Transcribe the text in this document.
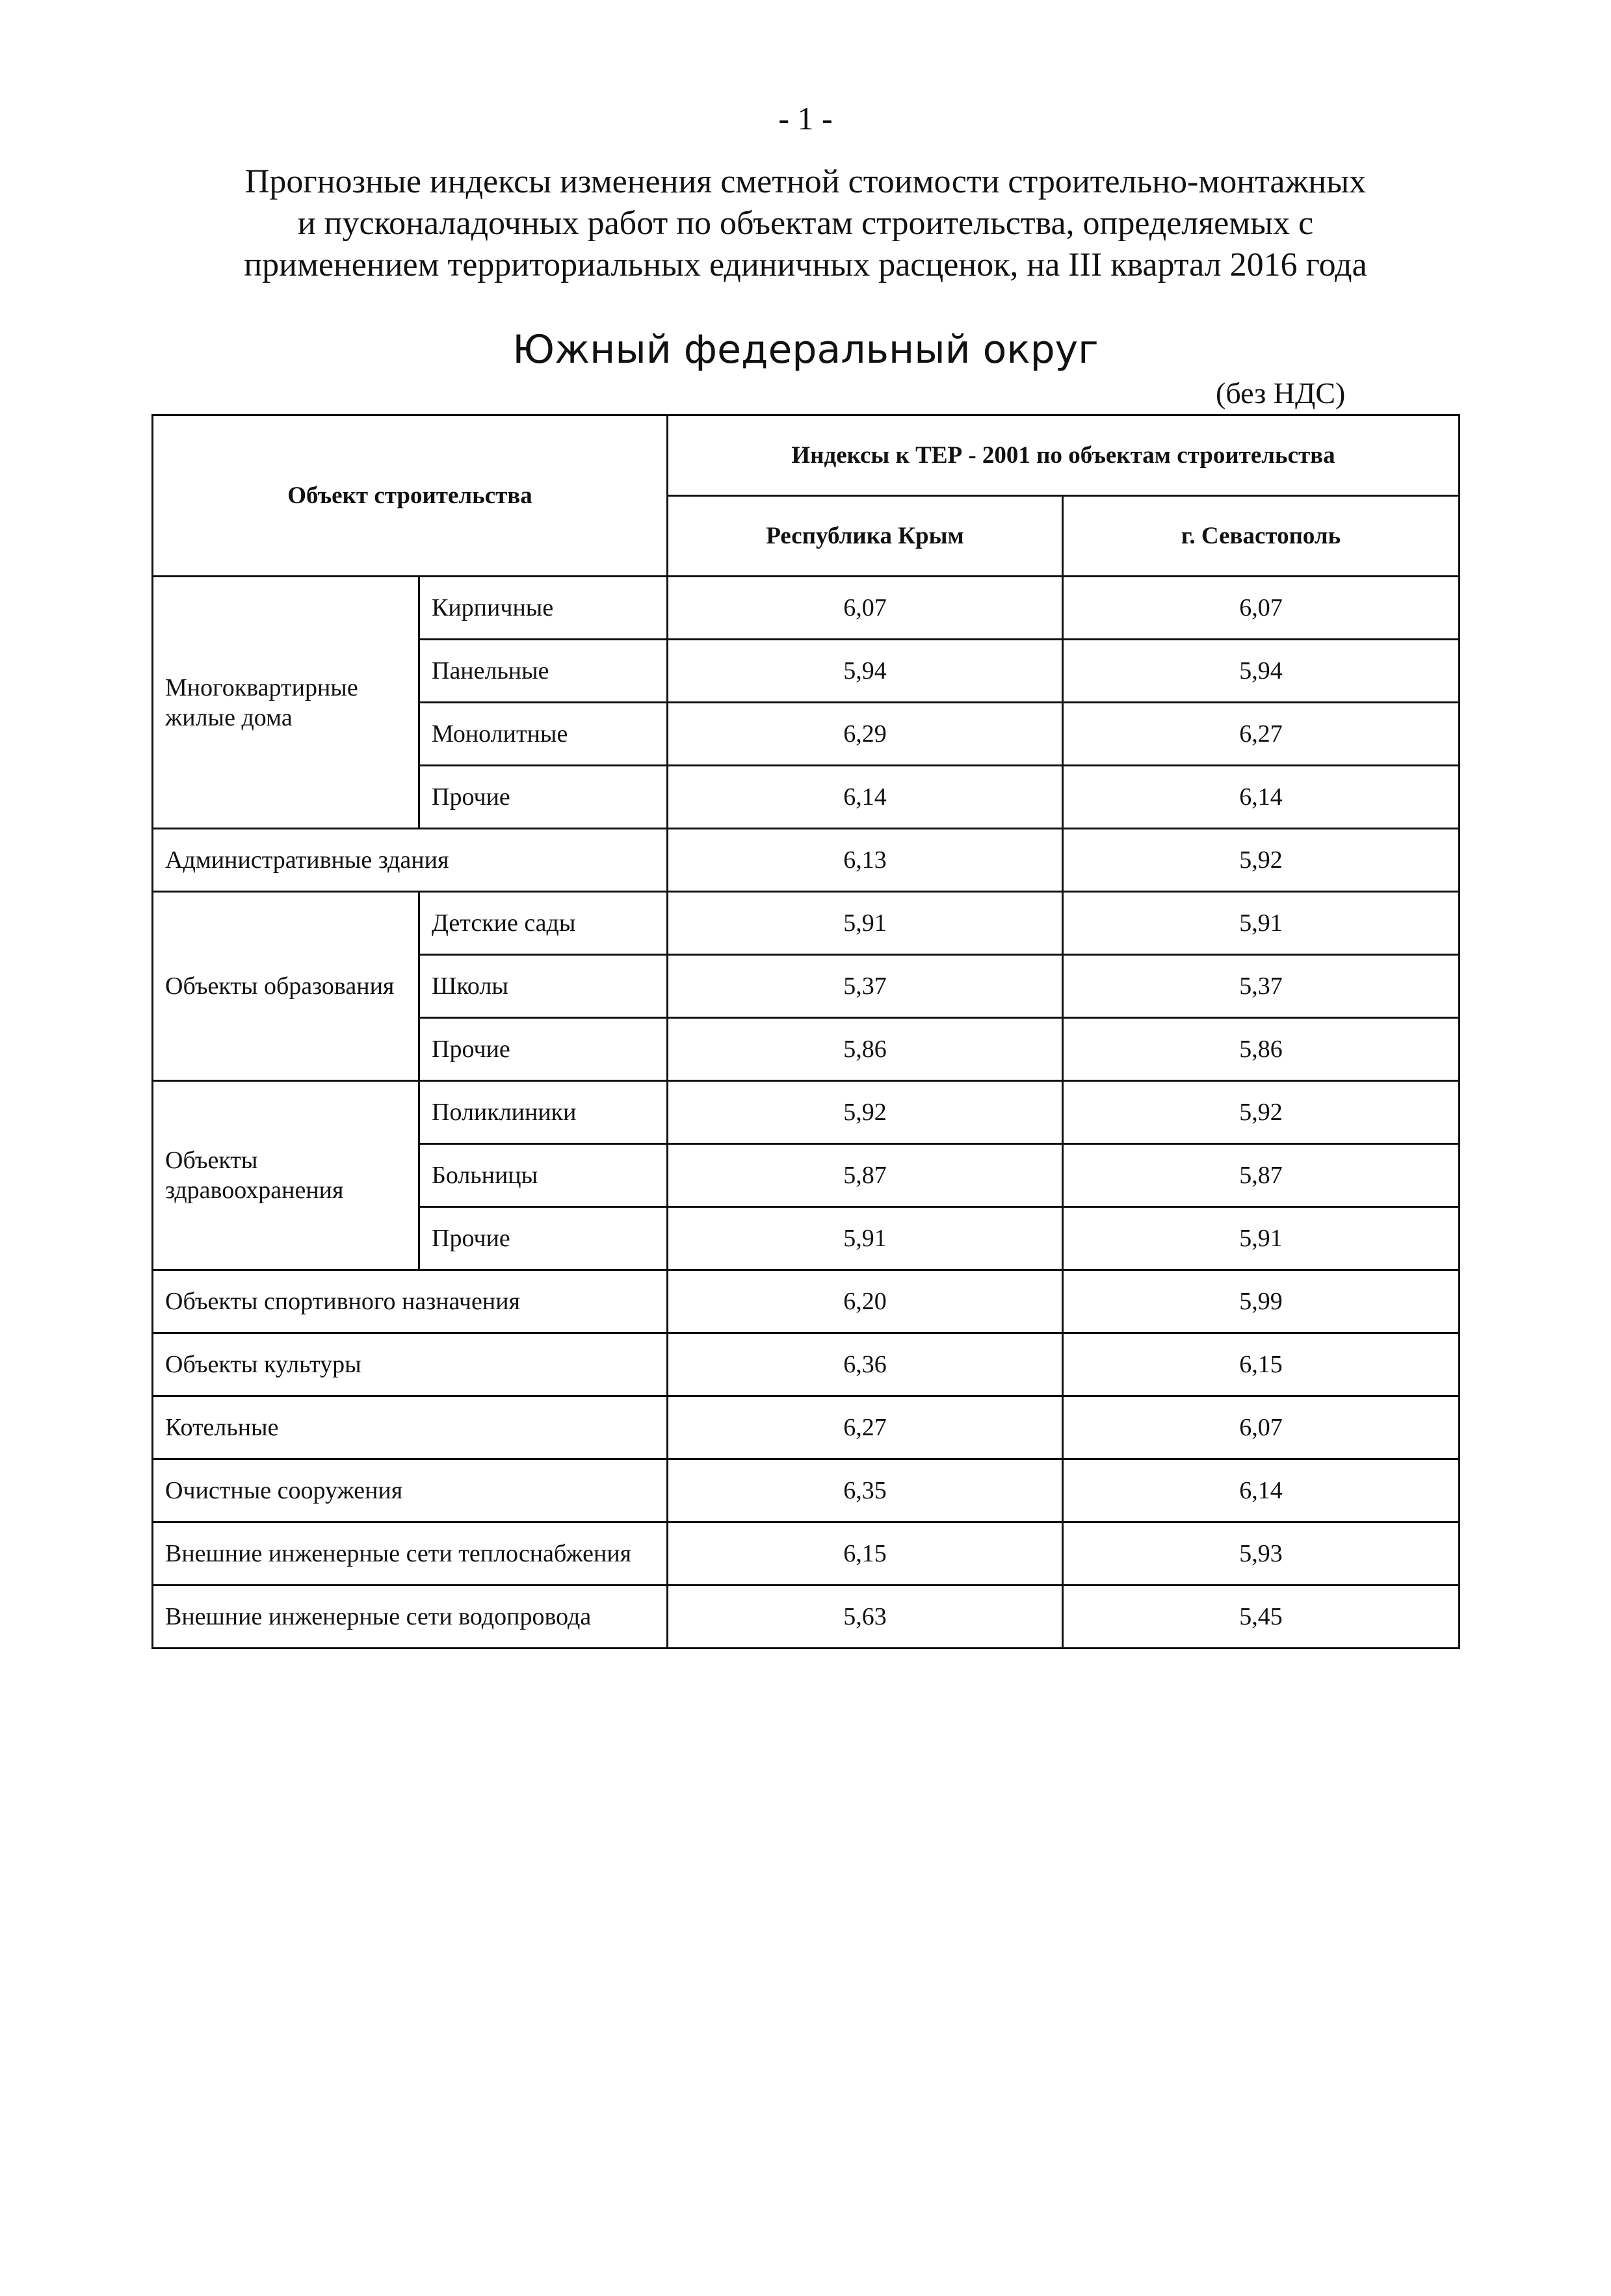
- 1 -
Прогнозные индексы изменения сметной стоимости строительно-монтажных
и пусконаладочных работ по объектам строительства, определяемых с
применением территориальных единичных расценок, на III квартал 2016 года
Южный федеральный округ
(без НДС)
Объект строительства		Индексы к ТЕР - 2001 по объектам строительства	
		Республика Крым	г. Севастополь
Многоквартирные жилые дома	Кирпичные	6,07	6,07
	Панельные	5,94	5,94
	Монолитные	6,29	6,27
	Прочие	6,14	6,14
Административные здания		6,13	5,92
Объекты образования	Детские сады	5,91	5,91
	Школы	5,37	5,37
	Прочие	5,86	5,86
Объекты здравоохранения	Поликлиники	5,92	5,92
	Больницы	5,87	5,87
	Прочие	5,91	5,91
Объекты спортивного назначения		6,20	5,99
Объекты культуры		6,36	6,15
Котельные		6,27	6,07
Очистные сооружения		6,35	6,14
Внешние инженерные сети теплоснабжения		6,15	5,93
Внешние инженерные сети водопровода		5,63	5,45
